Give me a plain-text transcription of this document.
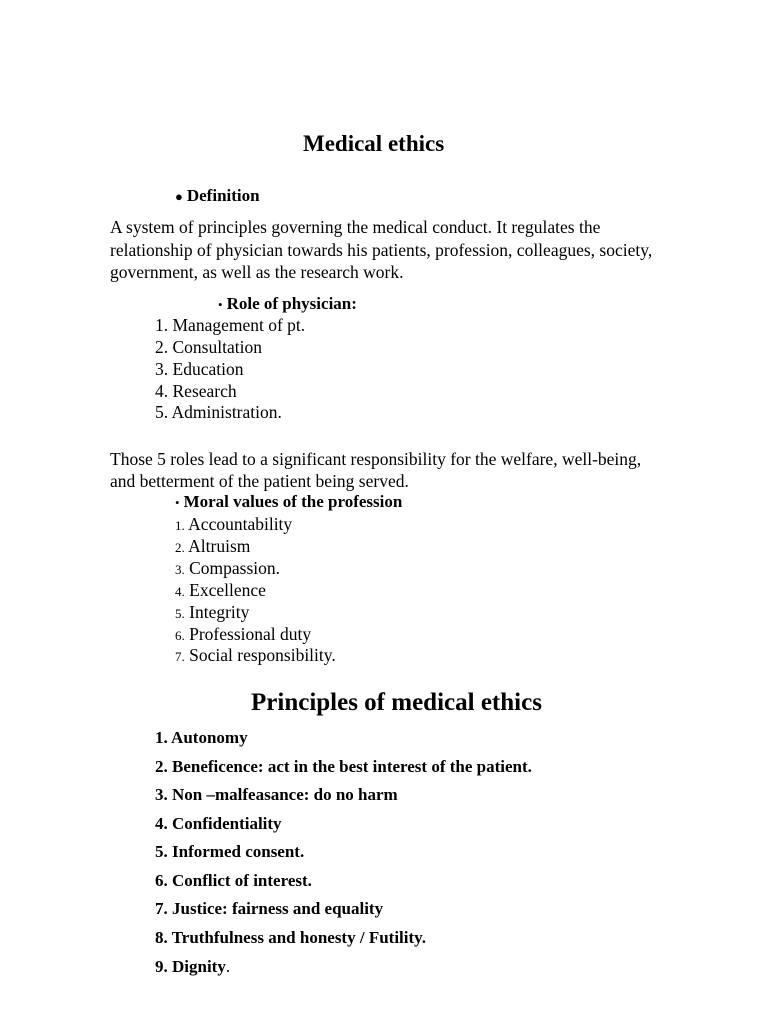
Medical ethics
● Definition
A system of principles governing the medical conduct. It regulates the relationship of physician towards his patients, profession, colleagues, society, government, as well as the research work.
• Role of physician:
1. Management of pt.
2. Consultation
3. Education
4. Research
5. Administration.
Those 5 roles lead to a significant responsibility for the welfare, well-being, and betterment of the patient being served.
• Moral values of the profession
1. Accountability
2. Altruism
3. Compassion.
4. Excellence
5. Integrity
6. Professional duty
7. Social responsibility.
Principles of medical ethics
1. Autonomy
2. Beneficence: act in the best interest of the patient.
3. Non –malfeasance: do no harm
4. Confidentiality
5. Informed consent.
6. Conflict of interest.
7. Justice: fairness and equality
8. Truthfulness and honesty / Futility.
9. Dignity.
